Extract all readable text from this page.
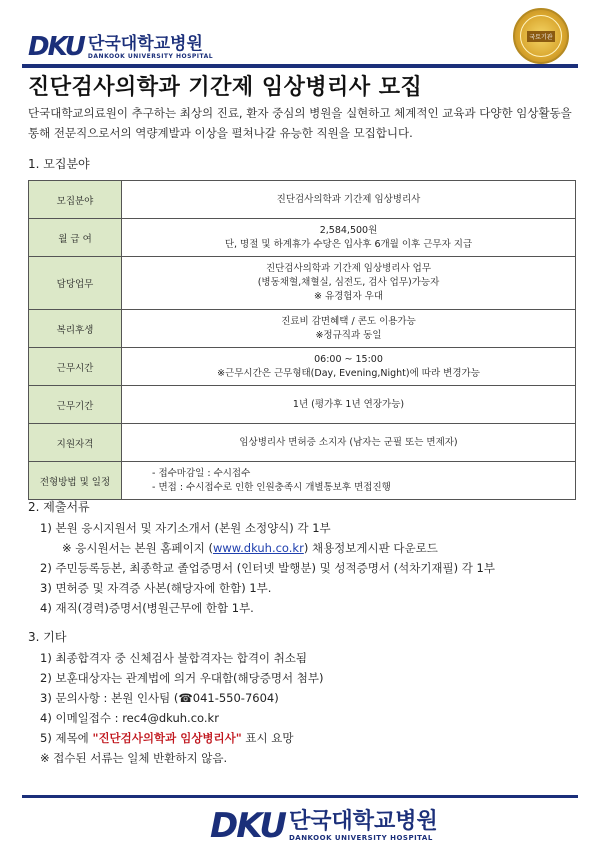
DKU 단국대학교병원
DANKOOK UNIVERSITY HOSPITAL
국토기관
진단검사의학과 기간제 임상병리사 모집
단국대학교의료원이 추구하는 최상의 진료, 환자 중심의 병원을 실현하고 체계적인 교육과 다양한 임상활동을 통해 전문직으로서의 역량계발과 이상을 펼쳐나갈 유능한 직원을 모집합니다.
1. 모집분야
모집분야	진단검사의학과 기간제 임상병리사

월 급 여	2,584,500원
단, 명절 및 하계휴가 수당은 입사후 6개월 이후 근무자 지급

담당업무	진단검사의학과 기간제 임상병리사 업무
(병동채혈,채혈실, 심전도, 검사 업무)가능자
※ 유경험자 우대

복리후생	진료비 감면혜택 / 콘도 이용가능
※정규직과 동일

근무시간	06:00 ~ 15:00
※근무시간은 근무형태(Day, Evening,Night)에 따라 변경가능

근무기간	1년 (평가후 1년 연장가능)

지원자격	임상병리사 면허증 소지자 (남자는 군필 또는 면제자)

전형방법 및 일정	- 접수마감일 : 수시접수
- 면접 : 수시접수로 인한 인원충족시 개별통보후 면접진행
2. 제출서류
1) 본원 응시지원서 및 자기소개서 (본원 소정양식) 각 1부
※ 응시원서는 본원 홈페이지 (www.dkuh.co.kr) 채용정보게시판 다운로드
2) 주민등록등본, 최종학교 졸업증명서 (인터넷 발행분) 및 성적증명서 (석차기재필) 각 1부
3) 면허증 및 자격증 사본(해당자에 한함) 1부.
4) 재직(경력)증명서(병원근무에 한함 1부.
3. 기타
1) 최종합격자 중 신체검사 불합격자는 합격이 취소됨
2) 보훈대상자는 관계법에 의거 우대함(해당증명서 첨부)
3) 문의사항 : 본원 인사팀 (☎041-550-7604)
4) 이메일접수 : rec4@dkuh.co.kr
5) 제목에 "진단검사의학과 임상병리사" 표시 요망
※ 접수된 서류는 일체 반환하지 않음.
DKU 단국대학교병원
DANKOOK UNIVERSITY HOSPITAL
